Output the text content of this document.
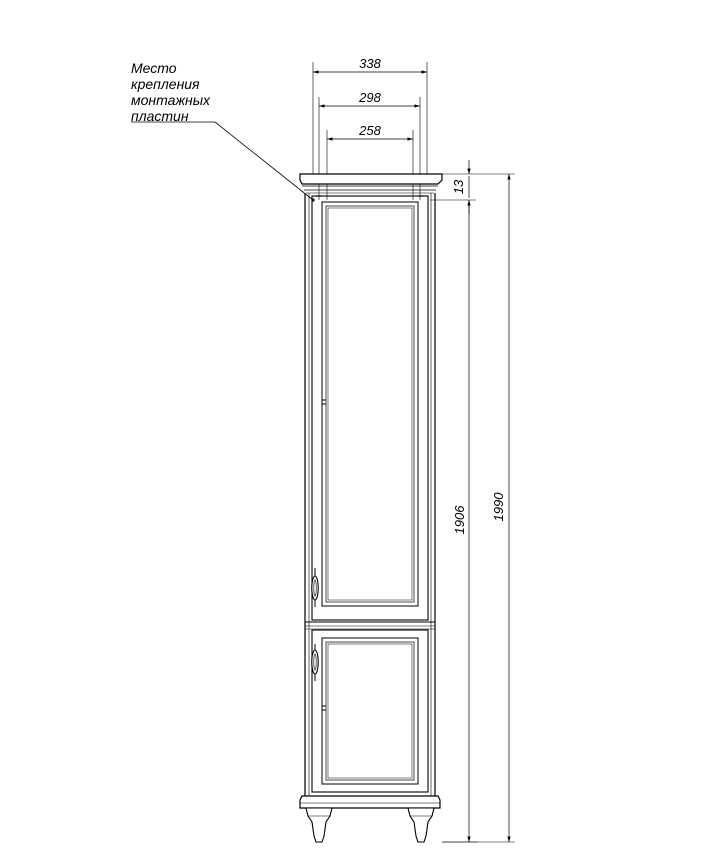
Место
крепления
монтажных
пластин
338
298
258
13
1906 1990
